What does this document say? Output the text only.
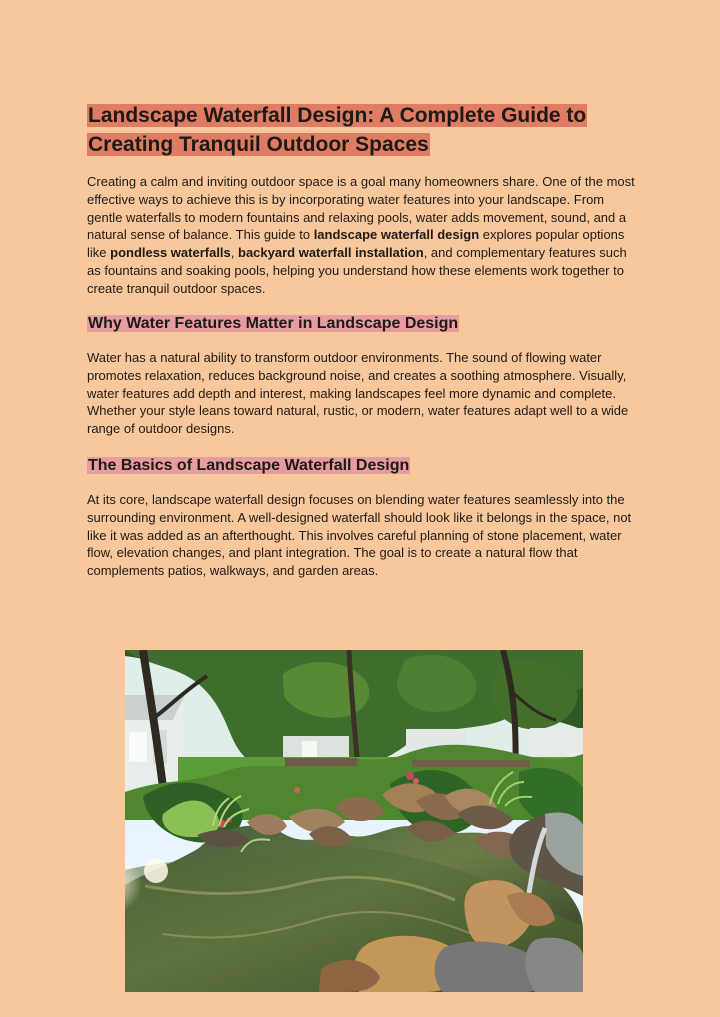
Landscape Waterfall Design: A Complete Guide to Creating Tranquil Outdoor Spaces

Creating a calm and inviting outdoor space is a goal many homeowners share. One of the most effective ways to achieve this is by incorporating water features into your landscape. From gentle waterfalls to modern fountains and relaxing pools, water adds movement, sound, and a natural sense of balance. This guide to landscape waterfall design explores popular options like pondless waterfalls, backyard waterfall installation, and complementary features such as fountains and soaking pools, helping you understand how these elements work together to create tranquil outdoor spaces.

Why Water Features Matter in Landscape Design

Water has a natural ability to transform outdoor environments. The sound of flowing water promotes relaxation, reduces background noise, and creates a soothing atmosphere. Visually, water features add depth and interest, making landscapes feel more dynamic and complete. Whether your style leans toward natural, rustic, or modern, water features adapt well to a wide range of outdoor designs.

The Basics of Landscape Waterfall Design

At its core, landscape waterfall design focuses on blending water features seamlessly into the surrounding environment. A well-designed waterfall should look like it belongs in the space, not like it was added as an afterthought. This involves careful planning of stone placement, water flow, elevation changes, and plant integration. The goal is to create a natural flow that complements patios, walkways, and garden areas.
